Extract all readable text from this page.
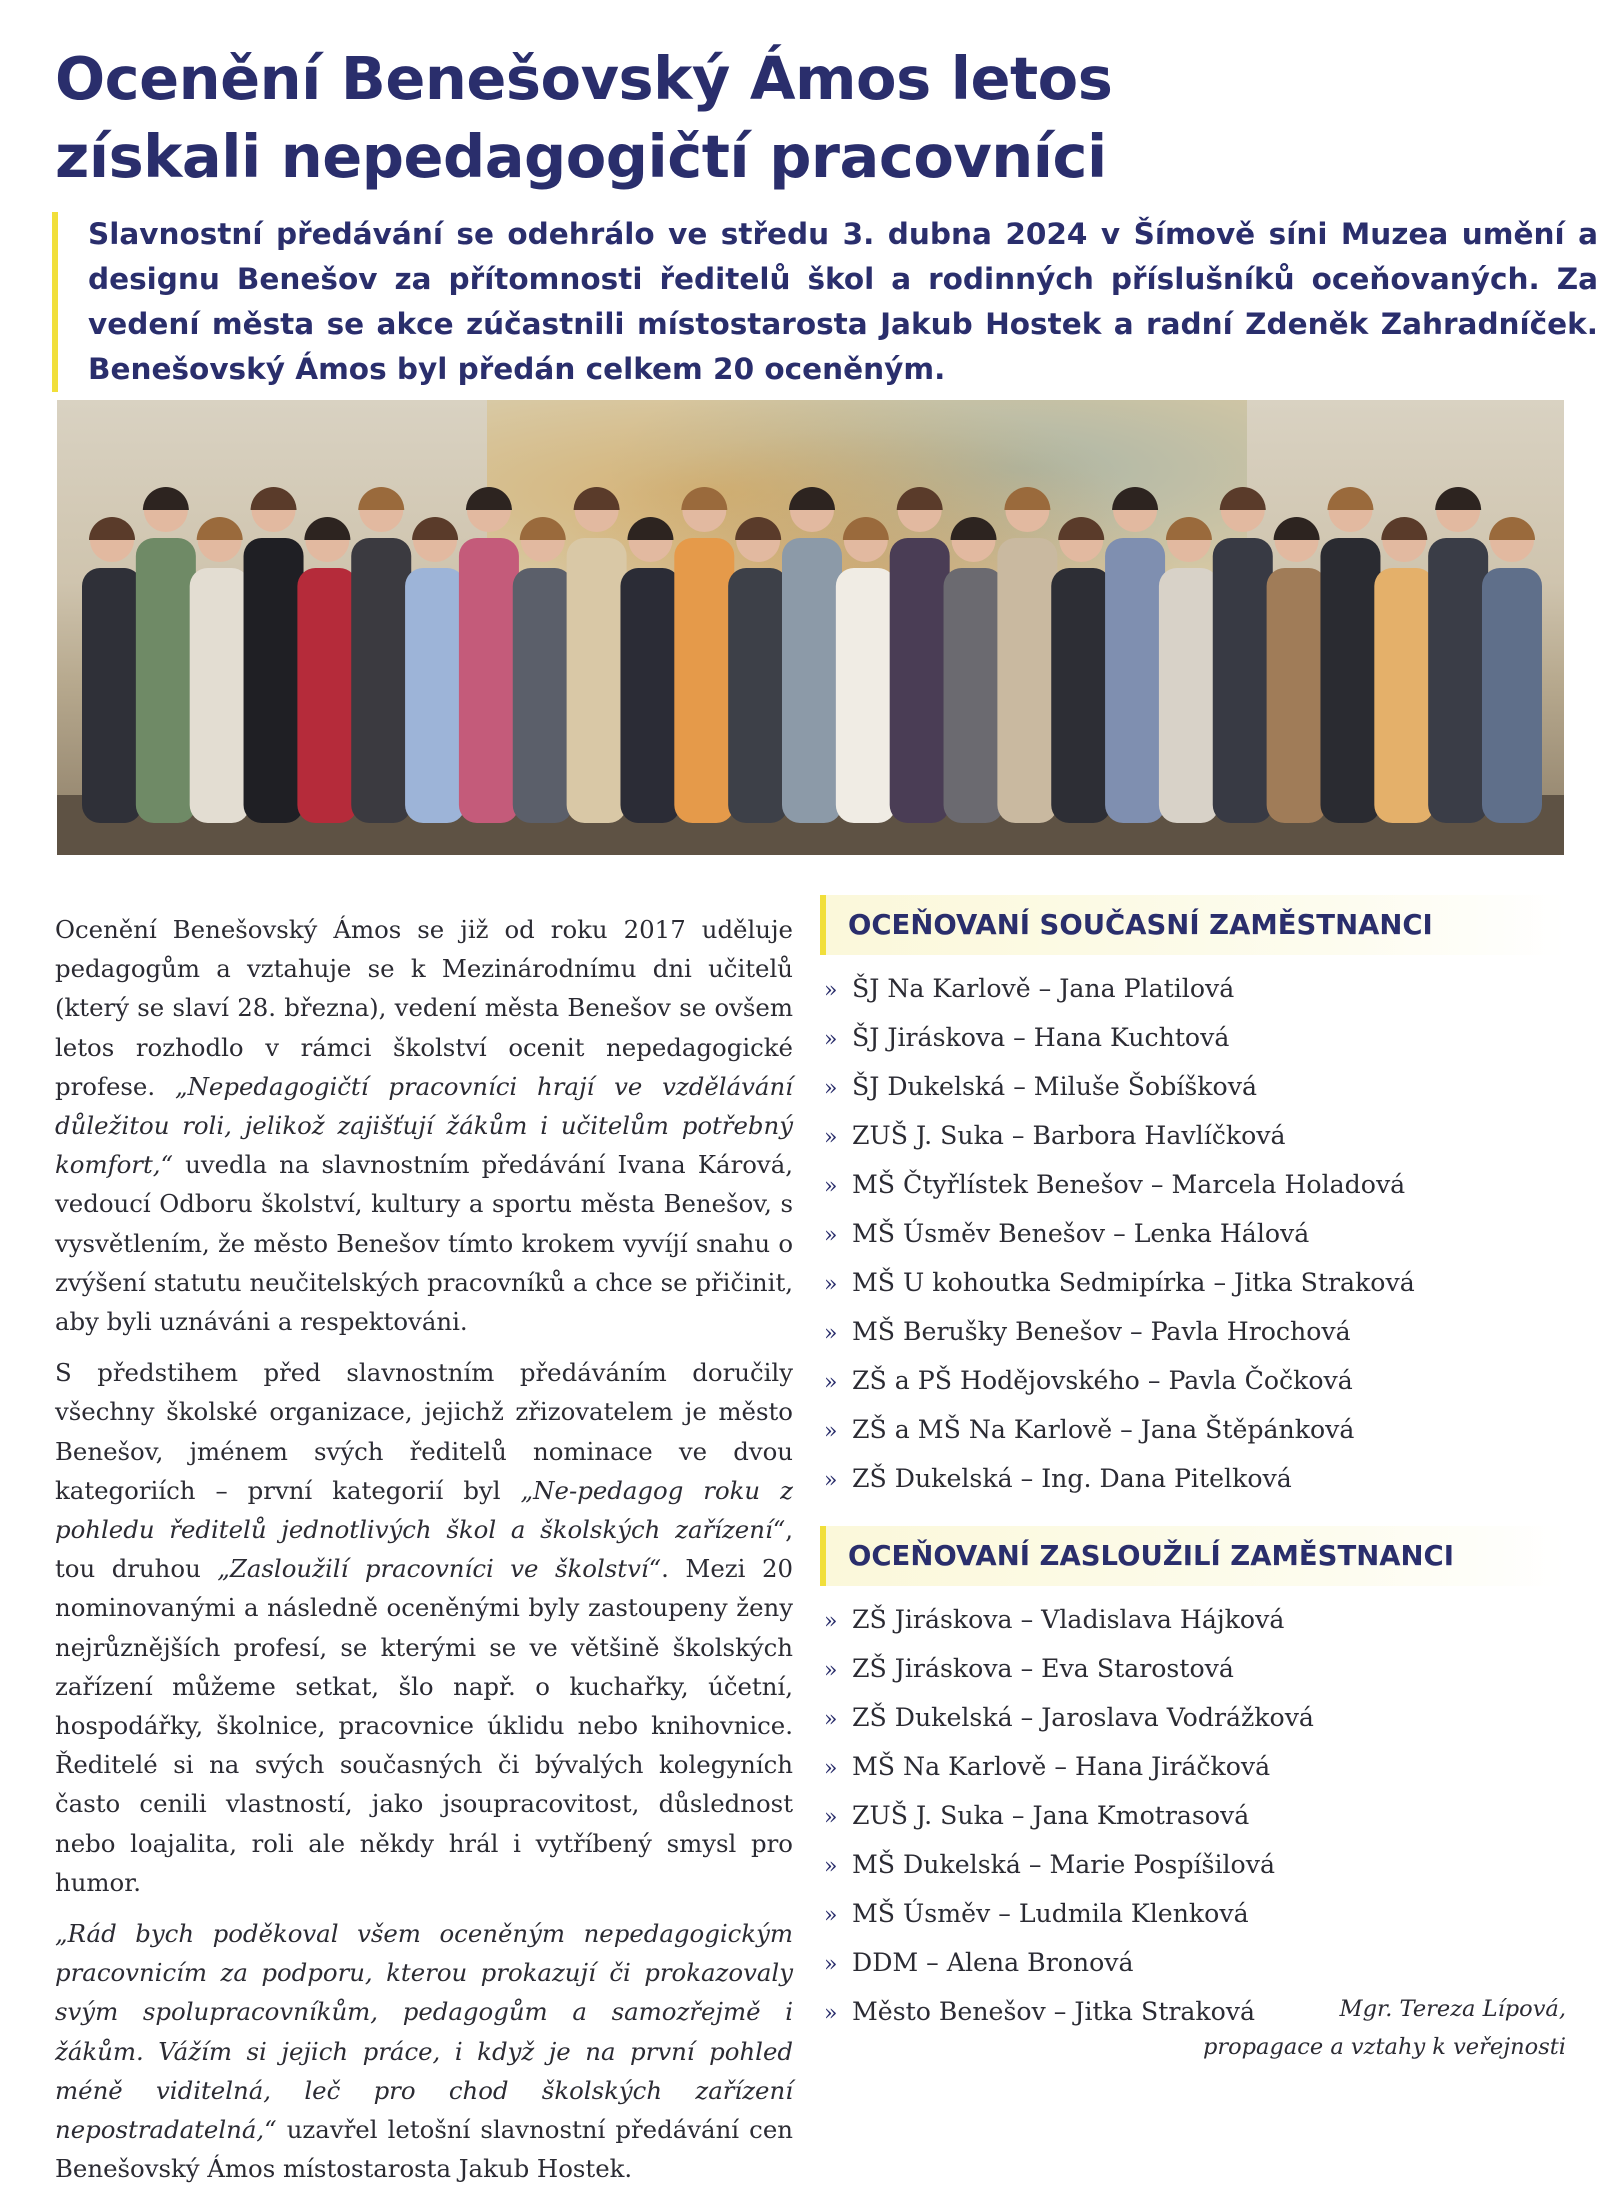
Ocenění Benešovský Ámos letos
získali nepedagogičtí pracovníci

Slavnostní předávání se odehrálo ve středu 3. dubna 2024 v Šímově síni Muzea umění a designu Benešov za přítomnosti ředitelů škol a rodinných příslušníků oceňovaných. Za vedení města se akce zúčastnili místostarosta Jakub Hostek a radní Zdeněk Zahradníček. Benešovský Ámos byl předán celkem 20 oceněným.

Ocenění Benešovský Ámos se již od roku 2017 uděluje pedagogům a vztahuje se k Mezinárodnímu dni učitelů (který se slaví 28. března), vedení města Benešov se ovšem letos rozhodlo v rámci školství ocenit nepedagogické profese. „Nepedagogičtí pracovníci hrají ve vzdělávání důležitou roli, jelikož zajišťují žákům i učitelům potřebný komfort,“ uvedla na slavnostním předávání Ivana Kárová, vedoucí Odboru školství, kultury a sportu města Benešov, s vysvětlením, že město Benešov tímto krokem vyvíjí snahu o zvýšení statutu neučitelských pracovníků a chce se přičinit, aby byli uznáváni a respektováni.

S předstihem před slavnostním předáváním doručily všechny školské organizace, jejichž zřizovatelem je město Benešov, jménem svých ředitelů nominace ve dvou kategoriích – první kategorií byl „Ne-pedagog roku z pohledu ředitelů jednotlivých škol a školských zařízení“, tou druhou „Zasloužilí pracovníci ve školství“. Mezi 20 nominovanými a následně oceněnými byly zastoupeny ženy nejrůznějších profesí, se kterými se ve většině školských zařízení můžeme setkat, šlo např. o kuchařky, účetní, hospodářky, školnice, pracovnice úklidu nebo knihovnice. Ředitelé si na svých současných či bývalých kolegyních často cenili vlastností, jako jsoupracovitost, důslednost nebo loajalita, roli ale někdy hrál i vytříbený smysl pro humor.

„Rád bych poděkoval všem oceněným nepedagogickým pracovnicím za podporu, kterou prokazují či prokazovaly svým spolupracovníkům, pedagogům a samozřejmě i žákům. Vážím si jejich práce, i když je na první pohled méně viditelná, leč pro chod školských zařízení nepostradatelná,“ uzavřel letošní slavnostní předávání cen Benešovský Ámos místostarosta Jakub Hostek.

OCEŇOVANÍ SOUČASNÍ ZAMĚSTNANCI
» ŠJ Na Karlově – Jana Platilová
» ŠJ Jiráskova – Hana Kuchtová
» ŠJ Dukelská – Miluše Šobíšková
» ZUŠ J. Suka – Barbora Havlíčková
» MŠ Čtyřlístek Benešov – Marcela Holadová
» MŠ Úsměv Benešov – Lenka Hálová
» MŠ U kohoutka Sedmipírka – Jitka Straková
» MŠ Berušky Benešov – Pavla Hrochová
» ZŠ a PŠ Hodějovského – Pavla Čočková
» ZŠ a MŠ Na Karlově – Jana Štěpánková
» ZŠ Dukelská – Ing. Dana Pitelková
OCEŇOVANÍ ZASLOUŽILÍ ZAMĚSTNANCI
» ZŠ Jiráskova – Vladislava Hájková
» ZŠ Jiráskova – Eva Starostová
» ZŠ Dukelská – Jaroslava Vodrážková
» MŠ Na Karlově – Hana Jiráčková
» ZUŠ J. Suka – Jana Kmotrasová
» MŠ Dukelská – Marie Pospíšilová
» MŠ Úsměv – Ludmila Klenková
» DDM – Alena Bronová
» Město Benešov – Jitka Straková	Mgr. Tereza Lípová,
propagace a vztahy k veřejnosti
